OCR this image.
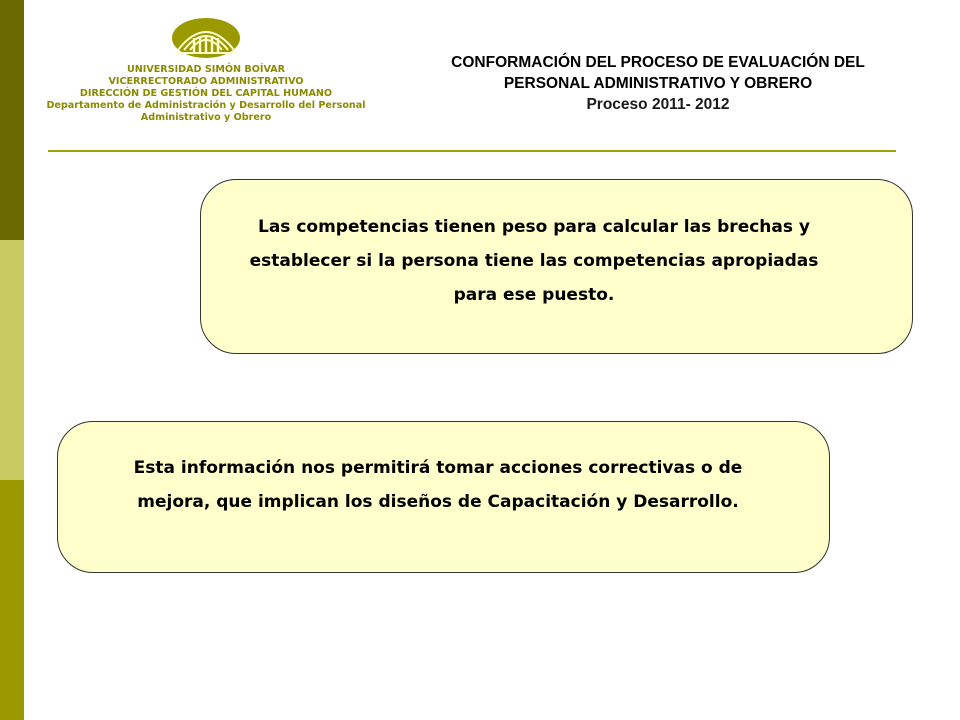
UNIVERSIDAD SIMÓN BOÍVAR
VICERRECTORADO ADMINISTRATIVO
DIRECCIÓN DE GESTIÓN DEL CAPITAL HUMANO
Departamento de Administración y Desarrollo del Personal
Administrativo y Obrero
CONFORMACIÓN DEL PROCESO DE EVALUACIÓN DEL
PERSONAL ADMINISTRATIVO Y OBRERO
Proceso 2011- 2012
Las competencias tienen peso para calcular las brechas y
establecer si la persona tiene las competencias apropiadas
para ese puesto.
Esta información nos permitirá tomar acciones correctivas o de
mejora, que implican los diseños de Capacitación y Desarrollo.
